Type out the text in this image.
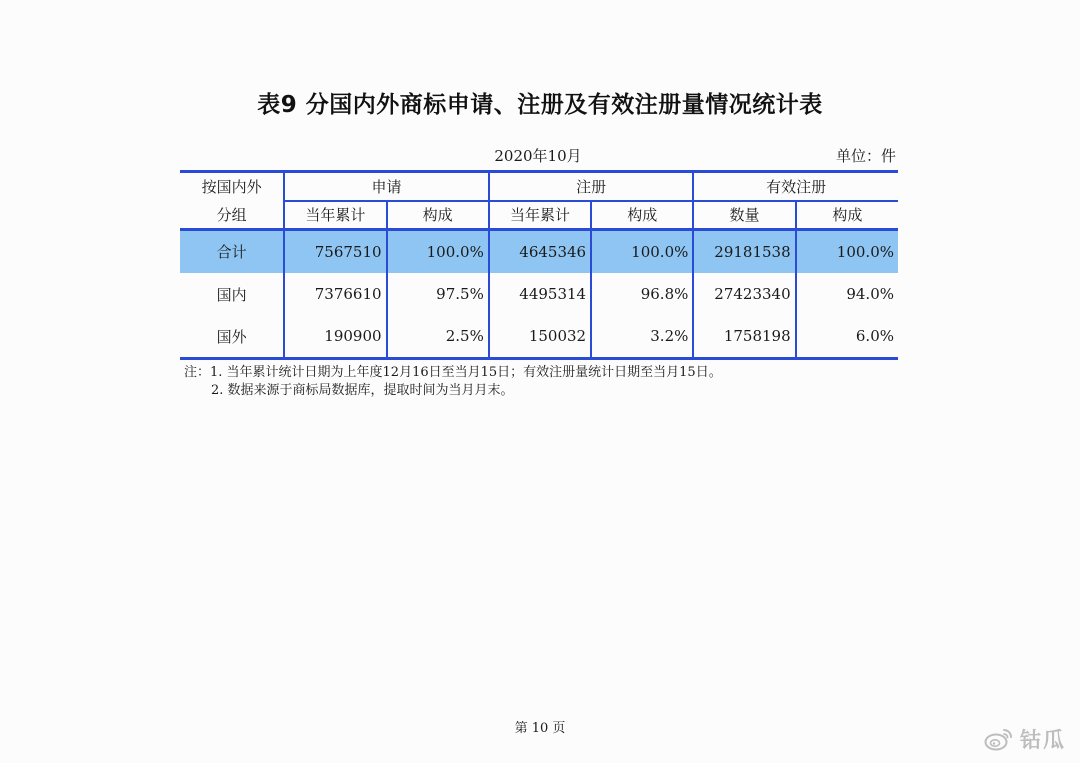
表9 分国内外商标申请、注册及有效注册量情况统计表
2020年10月	单位：件
按国内外	申请		注册		有效注册	
分组	当年累计	构成	当年累计	构成	数量	构成
合计	7567510	100.0%	4645346	100.0%	29181538	100.0%
国内	7376610	97.5%	4495314	96.8%	27423340	94.0%
国外	190900	2.5%	150032	3.2%	1758198	6.0%
注：1. 当年累计统计日期为上年度12月16日至当月15日；有效注册量统计日期至当月15日。
2. 数据来源于商标局数据库，提取时间为当月月末。
第 10 页	钴瓜
